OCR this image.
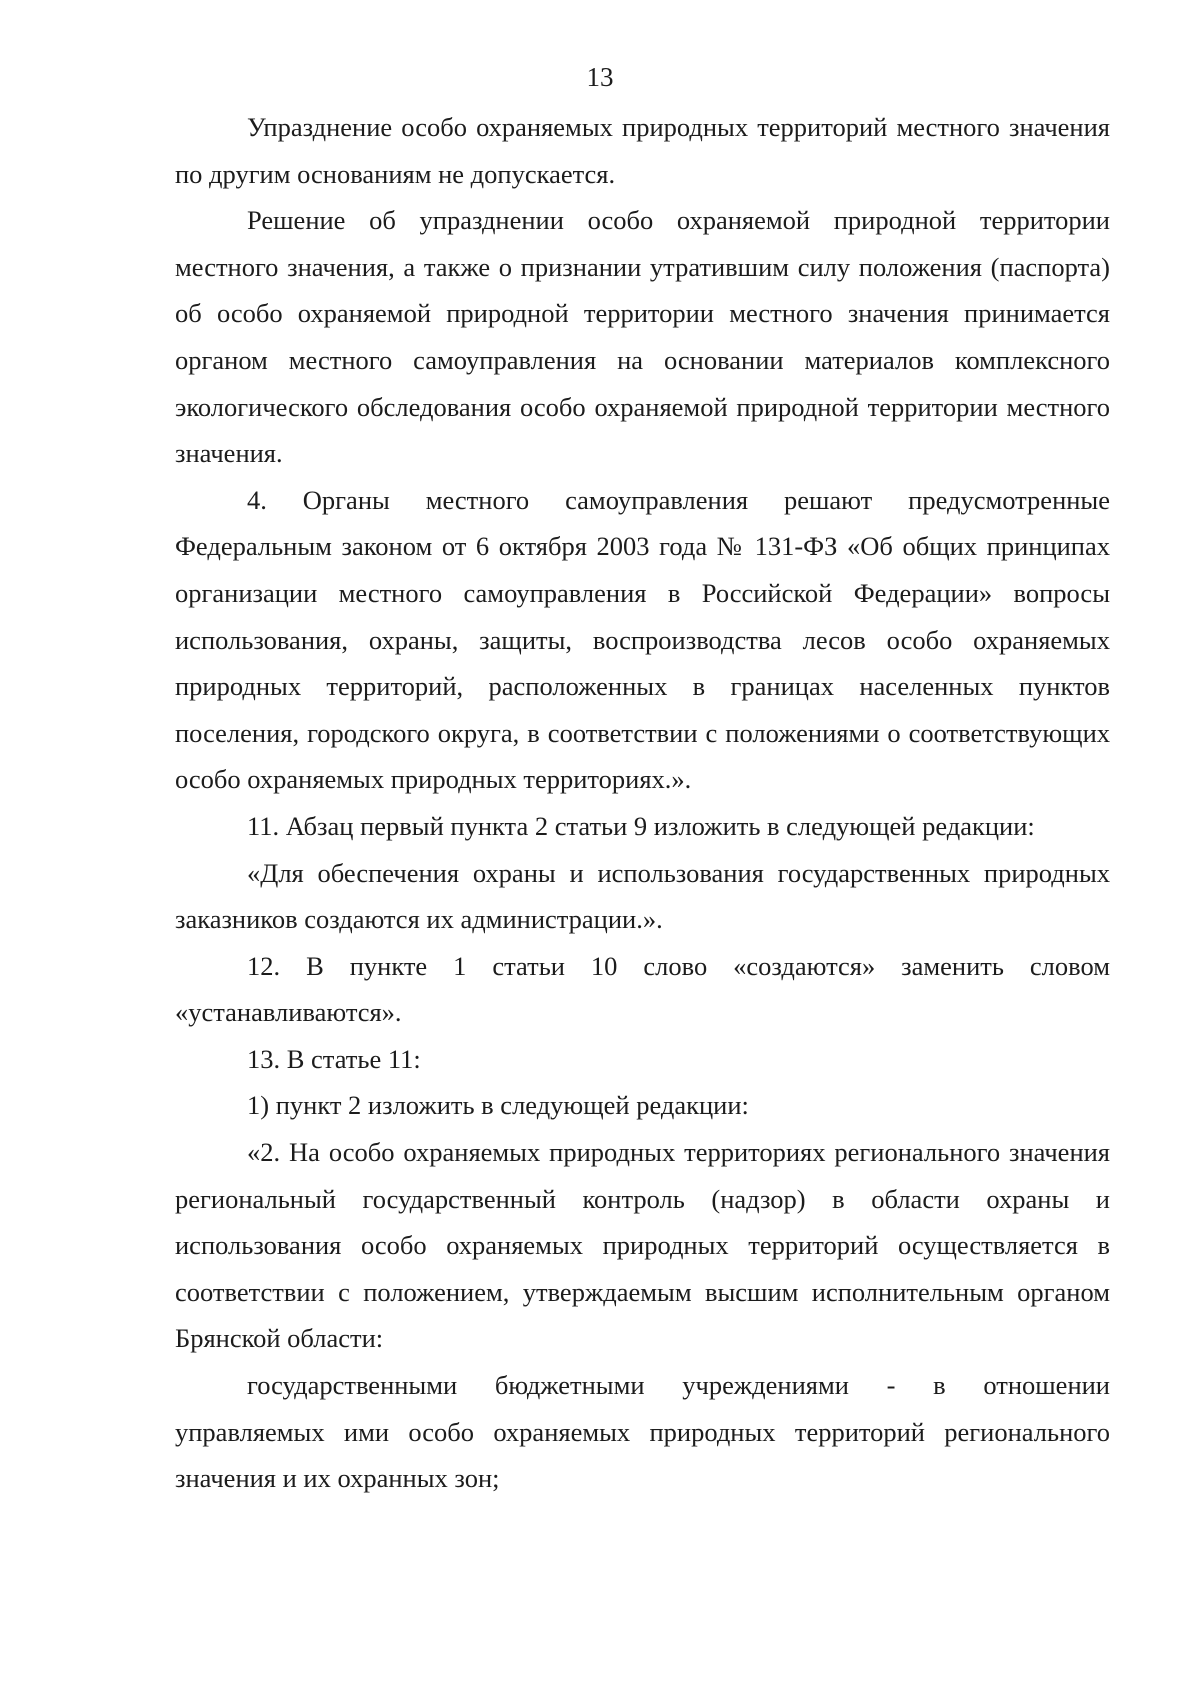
13

Упразднение особо охраняемых природных территорий местного значения по другим основаниям не допускается.

Решение об упразднении особо охраняемой природной территории местного значения, а также о признании утратившим силу положения (паспорта) об особо охраняемой природной территории местного значения принимается органом местного самоуправления на основании материалов комплексного экологического обследования особо охраняемой природной территории местного значения.

4. Органы местного самоуправления решают предусмотренные Федеральным законом от 6 октября 2003 года № 131-ФЗ «Об общих принципах организации местного самоуправления в Российской Федерации» вопросы использования, охраны, защиты, воспроизводства лесов особо охраняемых природных территорий, расположенных в границах населенных пунктов поселения, городского округа, в соответствии с положениями о соответствующих особо охраняемых природных территориях.».

11. Абзац первый пункта 2 статьи 9 изложить в следующей редакции:

«Для обеспечения охраны и использования государственных природных заказников создаются их администрации.».

12. В пункте 1 статьи 10 слово «создаются» заменить словом «устанавливаются».

13. В статье 11:

1) пункт 2 изложить в следующей редакции:

«2. На особо охраняемых природных территориях регионального значения региональный государственный контроль (надзор) в области охраны и использования особо охраняемых природных территорий осуществляется в соответствии с положением, утверждаемым высшим исполнительным органом Брянской области:

государственными бюджетными учреждениями - в отношении управляемых ими особо охраняемых природных территорий регионального значения и их охранных зон;
